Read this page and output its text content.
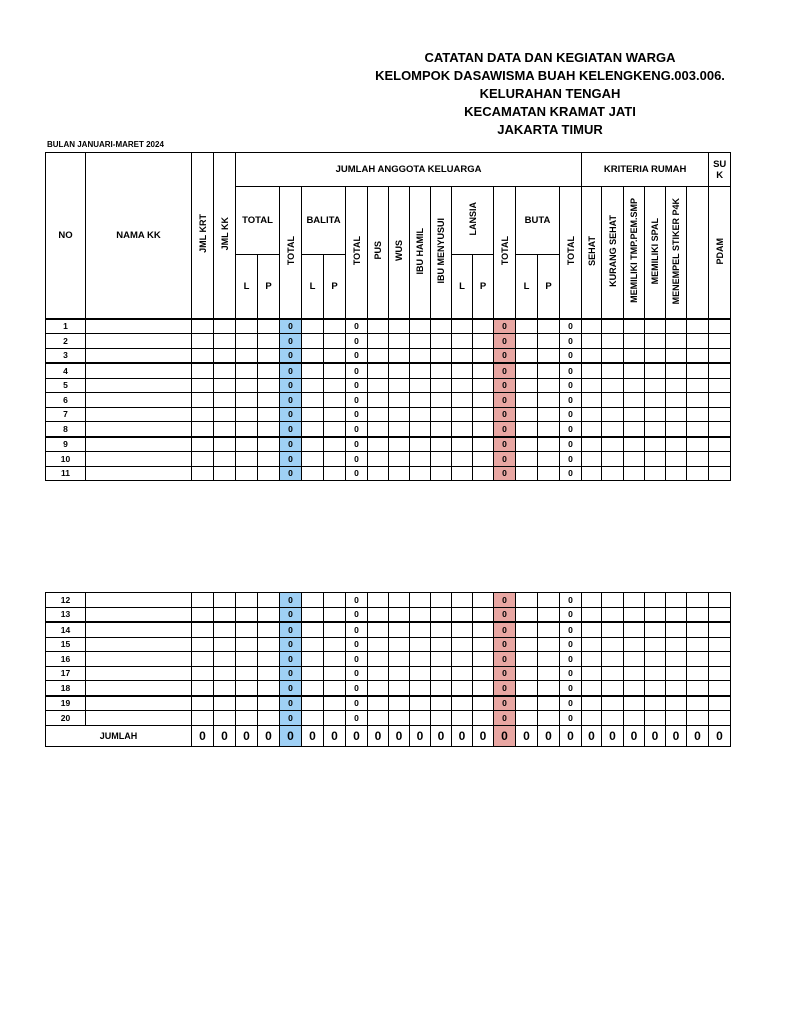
CATATAN DATA DAN KEGIATAN WARGA
KELOMPOK DASAWISMA BUAH KELENGKENG.003.006.
KELURAHAN TENGAH
KECAMATAN KRAMAT JATI
JAKARTA TIMUR
BULAN JANUARI-MARET 2024
NO	NAMA KK	JML KRT	JML KK	JUMLAH ANGGOTA KELUARGA																KRITERIA RUMAH						SU
K
				TOTAL		TOTAL	BALITA		TOTAL	PUS	WUS	IBU HAMIL	IBU MENYUSUI	LANSIA		TOTAL	BUTA		TOTAL	SEHAT	KURANG SEHAT	MEMILIKI TMP.PEM.SMP	MEMILIKI SPAL	MENEMPEL STIKER P4K		PDAM
				L	P		L	P						L	P		L	P								
1						0			0							0			0							
2						0			0							0			0							
3						0			0							0			0							
4						0			0							0			0							
5						0			0							0			0							
6						0			0							0			0							
7						0			0							0			0							
8						0			0							0			0							
9						0			0							0			0							
10						0			0							0			0							
11						0			0							0			0							
12						0			0							0			0							
13						0			0							0			0							
14						0			0							0			0							
15						0			0							0			0							
16						0			0							0			0							
17						0			0							0			0							
18						0			0							0			0							
19						0			0							0			0							
20						0			0							0			0							
JUMLAH		0	0	0	0	0	0	0	0	0	0	0	0	0	0	0	0	0	0	0	0	0	0	0	0	0
